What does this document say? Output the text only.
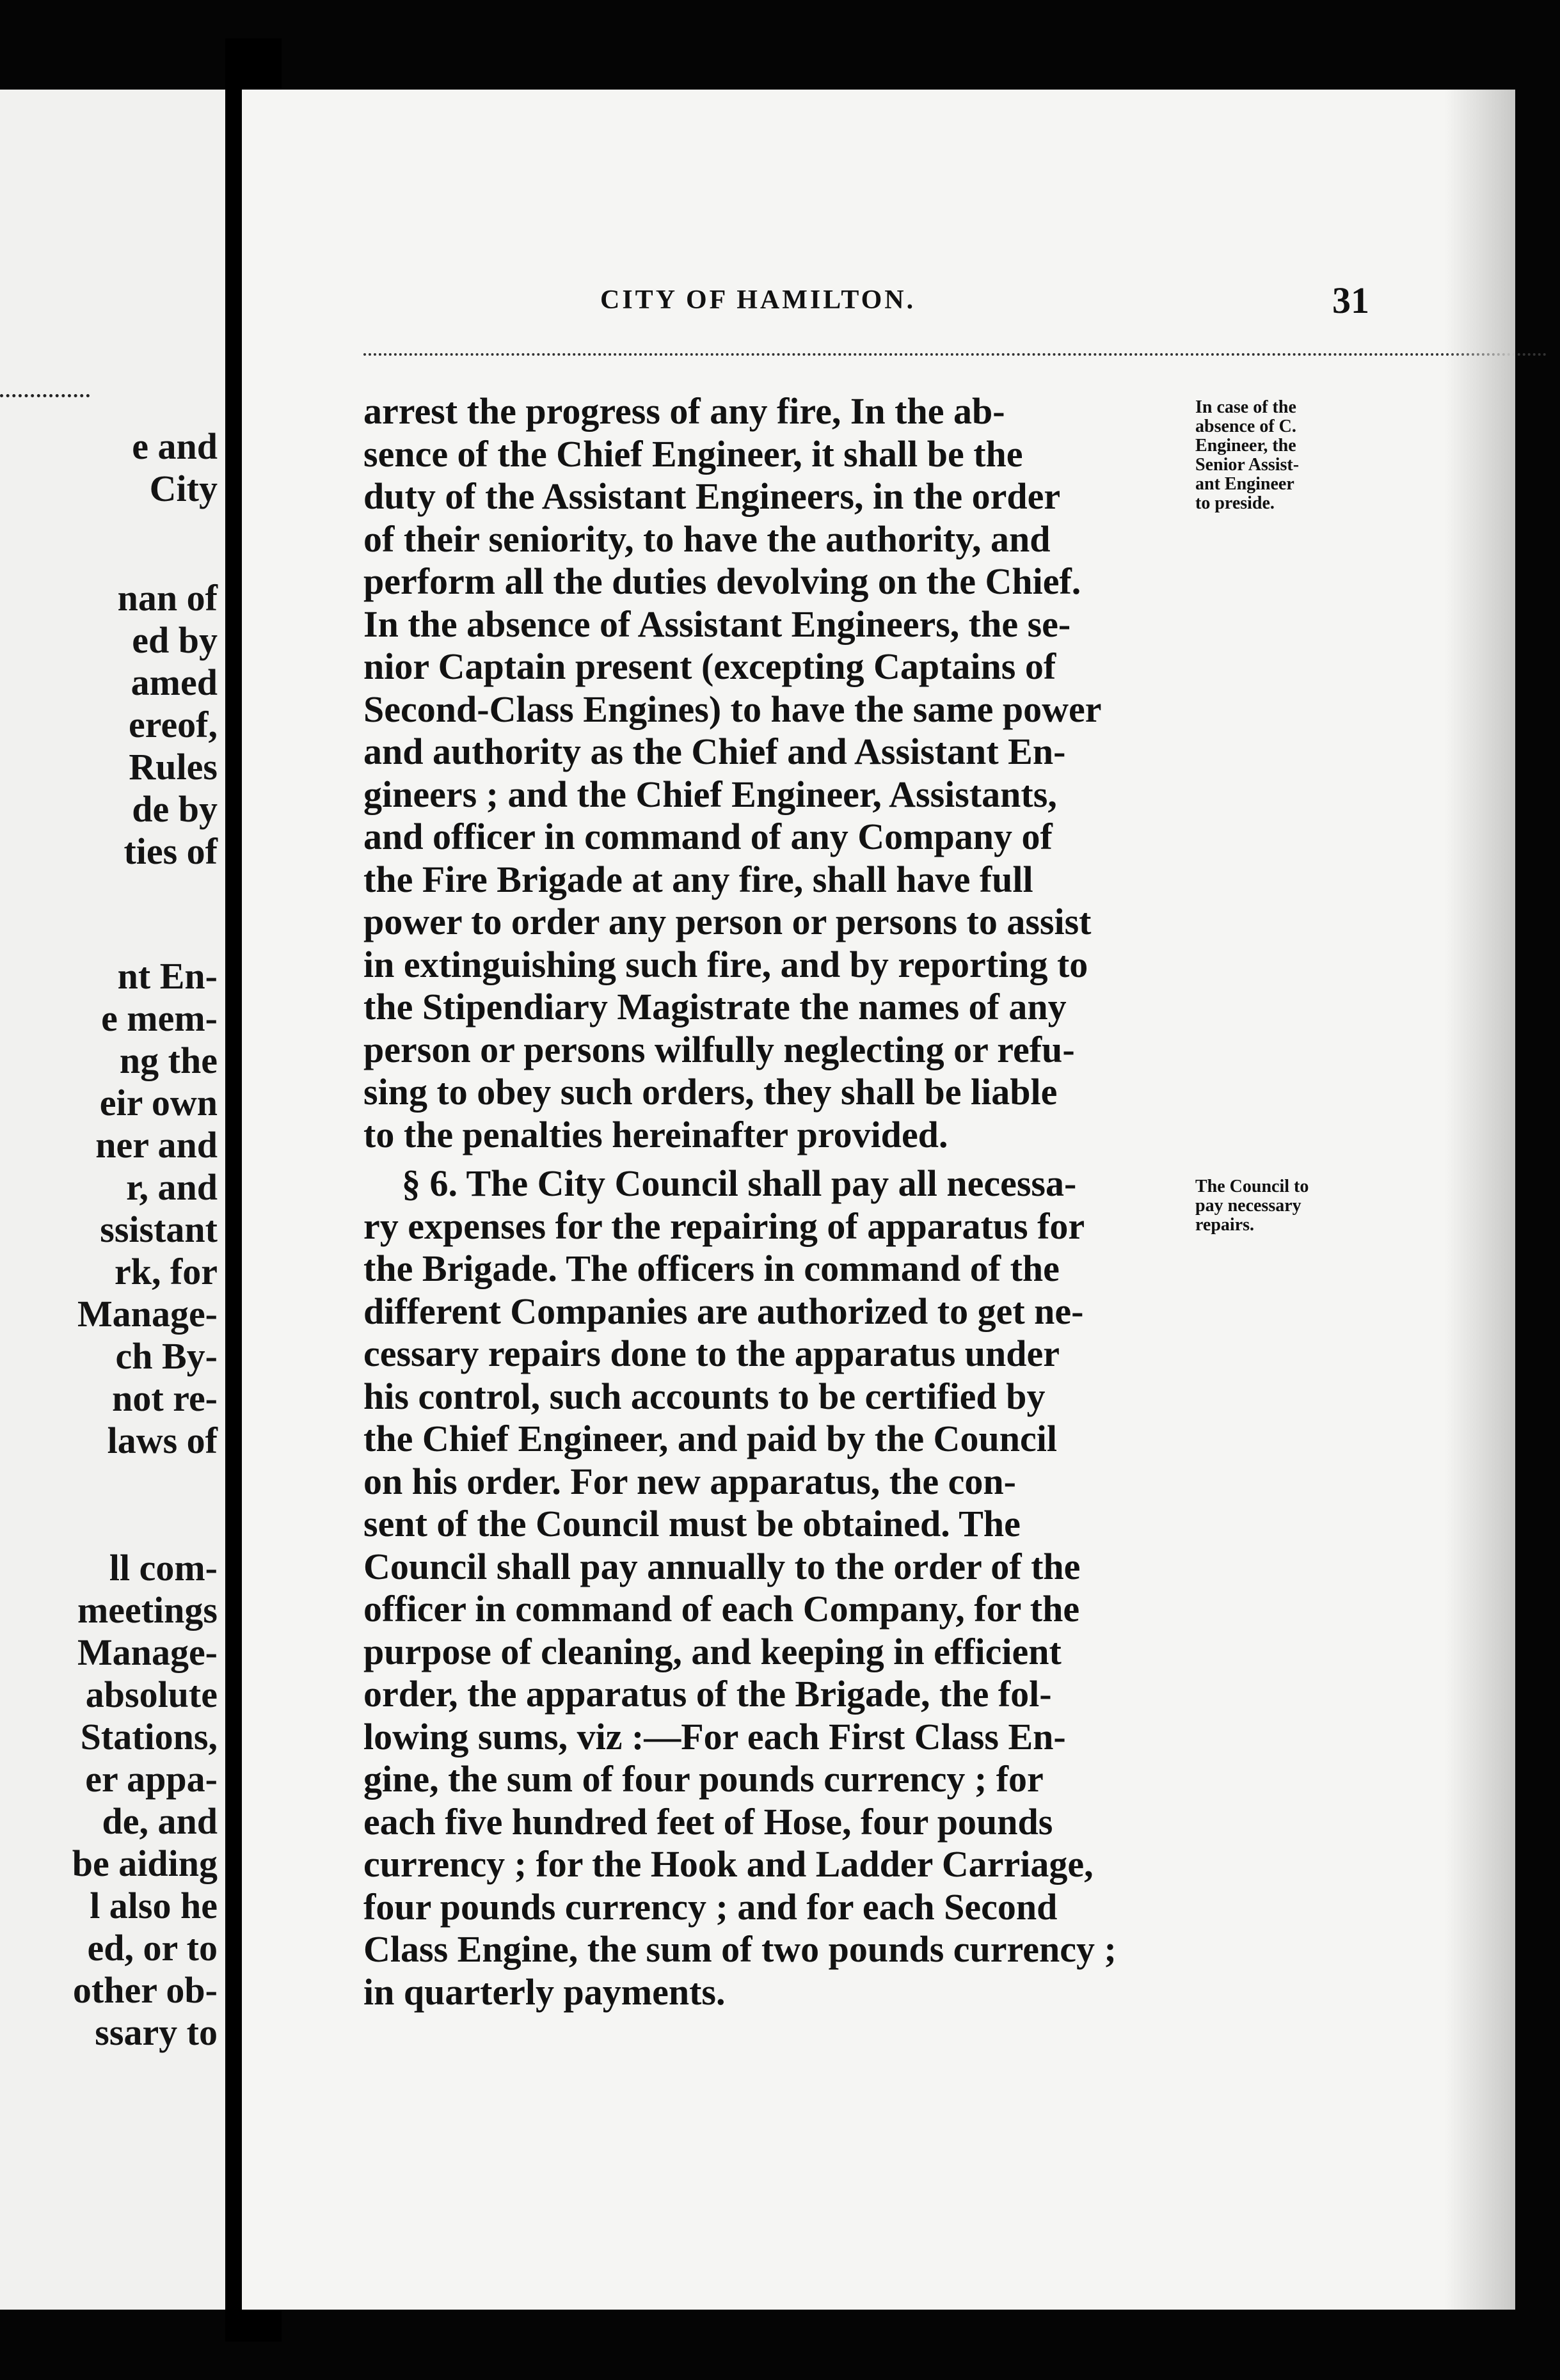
e and

City

nan of

ed by

amed

ereof,

Rules

de by

ties of

nt En-

e mem-

ng the

eir own

ner and

r, and

ssistant

rk, for

Manage-

ch By-

not re-

laws of

ll com-

meetings

Manage-

absolute

Stations,

er appa-

de, and

be aiding

l also he

ed, or to

other ob-

ssary to

CITY OF HAMILTON.	31

arrest the progress of any fire, In the ab-
sence of the Chief Engineer, it shall be the
duty of the Assistant Engineers, in the order
of their seniority, to have the authority, and
perform all the duties devolving on the Chief.
In the absence of Assistant Engineers, the se-
nior Captain present (excepting Captains of
Second-Class Engines) to have the same power
and authority as the Chief and Assistant En-
gineers ; and the Chief Engineer, Assistants,
and officer in command of any Company of
the Fire Brigade at any fire, shall have full
power to order any person or persons to assist
in extinguishing such fire, and by reporting to
the Stipendiary Magistrate the names of any
person or persons wilfully neglecting or refu-
sing to obey such orders, they shall be liable
to the penalties hereinafter provided.
§ 6. The City Council shall pay all necessa-
ry expenses for the repairing of apparatus for
the Brigade. The officers in command of the
different Companies are authorized to get ne-
cessary repairs done to the apparatus under
his control, such accounts to be certified by
the Chief Engineer, and paid by the Council
on his order. For new apparatus, the con-
sent of the Council must be obtained. The
Council shall pay annually to the order of the
officer in command of each Company, for the
purpose of cleaning, and keeping in efficient
order, the apparatus of the Brigade, the fol-
lowing sums, viz :—For each First Class En-
gine, the sum of four pounds currency ; for
each five hundred feet of Hose, four pounds
currency ; for the Hook and Ladder Carriage,
four pounds currency ; and for each Second
Class Engine, the sum of two pounds currency ;
in quarterly payments.
In case of the
absence of C.
Engineer, the
Senior Assist-
ant Engineer
to preside.
The Council to
pay necessary
repairs.
